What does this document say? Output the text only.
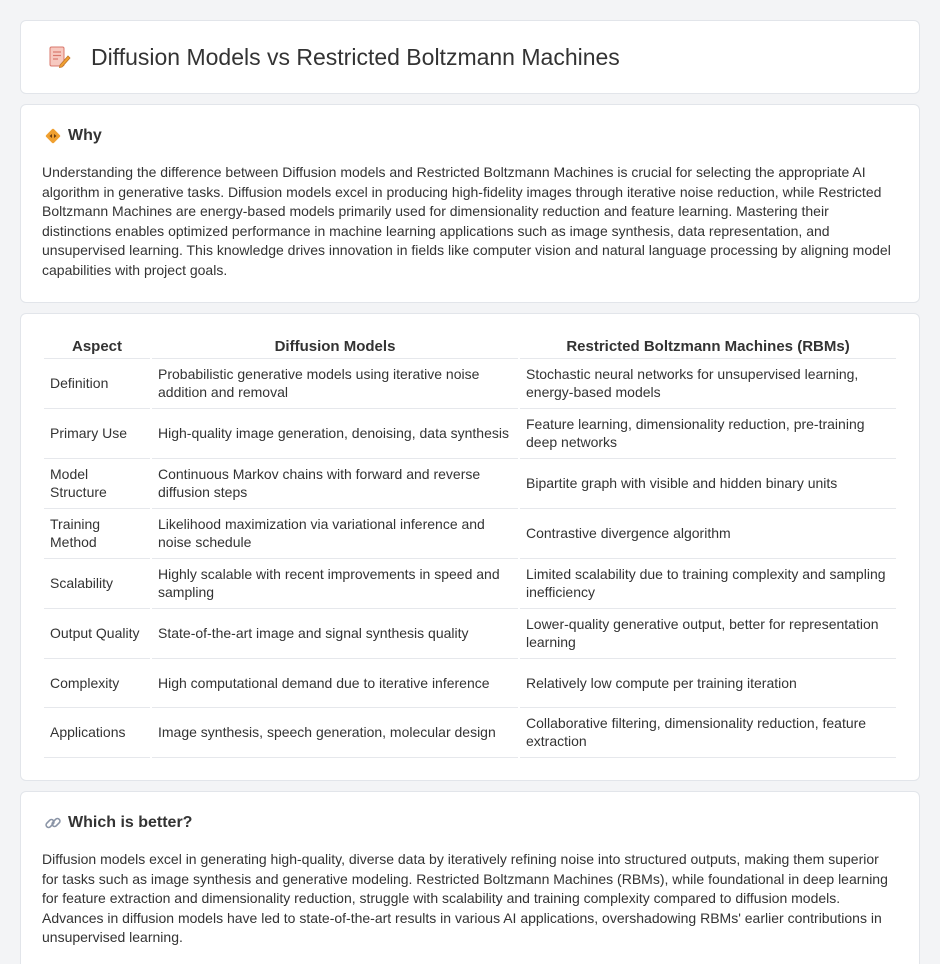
Diffusion Models vs Restricted Boltzmann Machines
Why

Understanding the difference between Diffusion models and Restricted Boltzmann Machines is crucial for selecting the appropriate AI algorithm in generative tasks. Diffusion models excel in producing high-fidelity images through iterative noise reduction, while Restricted Boltzmann Machines are energy-based models primarily used for dimensionality reduction and feature learning. Mastering their distinctions enables optimized performance in machine learning applications such as image synthesis, data representation, and unsupervised learning. This knowledge drives innovation in fields like computer vision and natural language processing by aligning model capabilities with project goals.

Aspect	Diffusion Models	Restricted Boltzmann Machines (RBMs)
Definition	Probabilistic generative models using iterative noise addition and removal	Stochastic neural networks for unsupervised learning, energy-based models
Primary Use	High-quality image generation, denoising, data synthesis	Feature learning, dimensionality reduction, pre-training deep networks
Model Structure	Continuous Markov chains with forward and reverse diffusion steps	Bipartite graph with visible and hidden binary units
Training Method	Likelihood maximization via variational inference and noise schedule	Contrastive divergence algorithm
Scalability	Highly scalable with recent improvements in speed and sampling	Limited scalability due to training complexity and sampling inefficiency
Output Quality	State-of-the-art image and signal synthesis quality	Lower-quality generative output, better for representation learning
Complexity	High computational demand due to iterative inference	Relatively low compute per training iteration
Applications	Image synthesis, speech generation, molecular design	Collaborative filtering, dimensionality reduction, feature extraction
Which is better?

Diffusion models excel in generating high-quality, diverse data by iteratively refining noise into structured outputs, making them superior for tasks such as image synthesis and generative modeling. Restricted Boltzmann Machines (RBMs), while foundational in deep learning for feature extraction and dimensionality reduction, struggle with scalability and training complexity compared to diffusion models. Advances in diffusion models have led to state-of-the-art results in various AI applications, overshadowing RBMs' earlier contributions in unsupervised learning.
